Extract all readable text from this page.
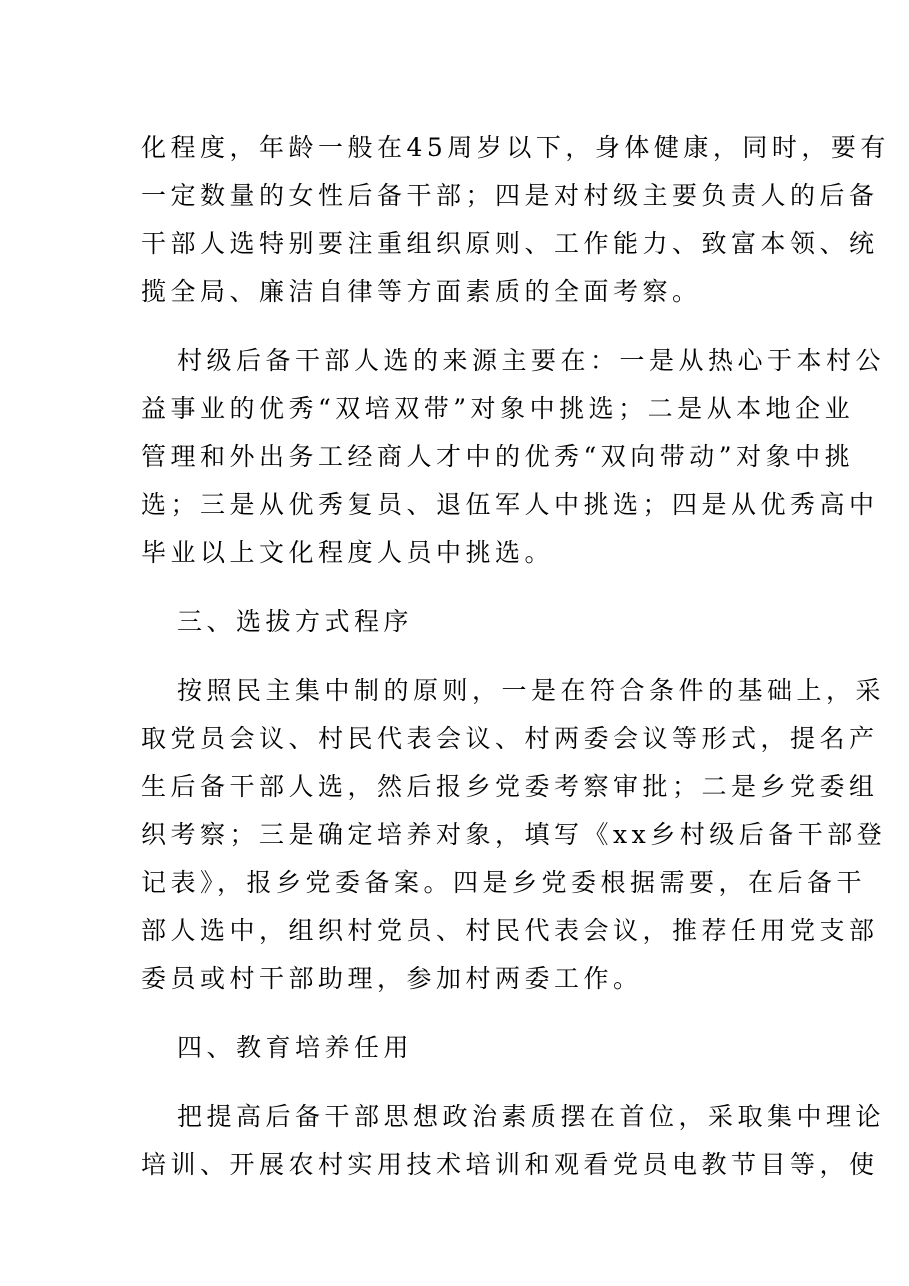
化程度，年龄一般在45周岁以下，身体健康，同时，要有
一定数量的女性后备干部；四是对村级主要负责人的后备
干部人选特别要注重组织原则、工作能力、致富本领、统
揽全局、廉洁自律等方面素质的全面考察。
村级后备干部人选的来源主要在：一是从热心于本村公
益事业的优秀“双培双带”对象中挑选；二是从本地企业
管理和外出务工经商人才中的优秀“双向带动”对象中挑
选；三是从优秀复员、退伍军人中挑选；四是从优秀高中
毕业以上文化程度人员中挑选。
三、选拔方式程序
按照民主集中制的原则，一是在符合条件的基础上，采
取党员会议、村民代表会议、村两委会议等形式，提名产
生后备干部人选，然后报乡党委考察审批；二是乡党委组
织考察；三是确定培养对象，填写《xx乡村级后备干部登
记表》，报乡党委备案。四是乡党委根据需要，在后备干
部人选中，组织村党员、村民代表会议，推荐任用党支部
委员或村干部助理，参加村两委工作。
四、教育培养任用
把提高后备干部思想政治素质摆在首位，采取集中理论
培训、开展农村实用技术培训和观看党员电教节目等，使
